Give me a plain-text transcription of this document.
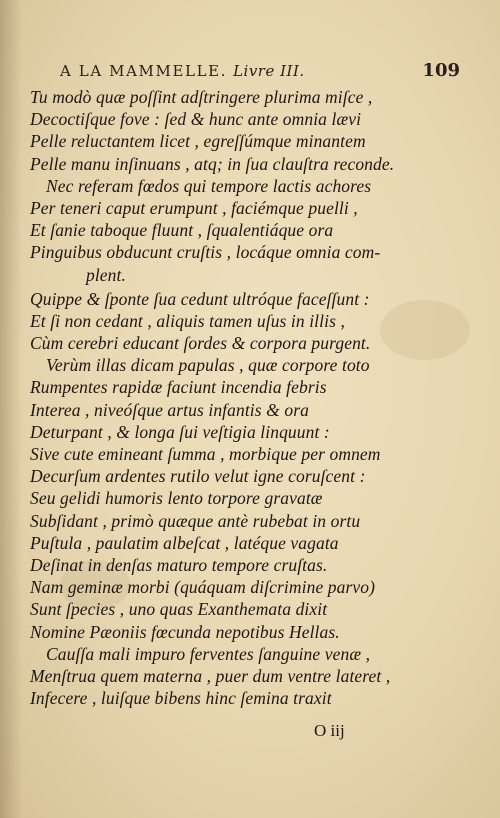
A LA MAMMELLE. Livre III.	109
Tu modò quæ poſſint adſtringere plurima miſce ,
Decoctiſque fove : ſed & hunc ante omnia lævi
Pelle reluctantem licet , egreſſúmque minantem
Pelle manu inſinuans , atq; in ſua clauſtra reconde.
Nec referam fœdos qui tempore lactis achores
Per teneri caput erumpunt , faciémque puelli ,
Et ſanie taboque fluunt , ſqualentiáque ora
Pinguibus obducunt cruſtis , locáque omnia com-
plent.
Quippe & ſponte ſua cedunt ultróque faceſſunt :
Et ſi non cedant , aliquis tamen uſus in illis ,
Cùm cerebri educant ſordes & corpora purgent.
Verùm illas dicam papulas , quæ corpore toto
Rumpentes rapidæ faciunt incendia febris
Interea , niveóſque artus infantis & ora
Deturpant , & longa ſui veſtigia linquunt :
Sive cute emineant ſumma , morbique per omnem
Decurſum ardentes rutilo velut igne coruſcent :
Seu gelidi humoris lento torpore gravatæ
Subſidant , primò quæque antè rubebat in ortu
Puſtula , paulatim albeſcat , latéque vagata
Deſinat in denſas maturo tempore cruſtas.
Nam geminæ morbi (quáquam diſcrimine parvo)
Sunt ſpecies , uno quas Exanthemata dixit
Nomine Pæoniis fœcunda nepotibus Hellas.
Cauſſa mali impuro ferventes ſanguine venæ ,
Menſtrua quem materna , puer dum ventre lateret ,
Infecere , luiſque bibens hinc ſemina traxit
O iij
